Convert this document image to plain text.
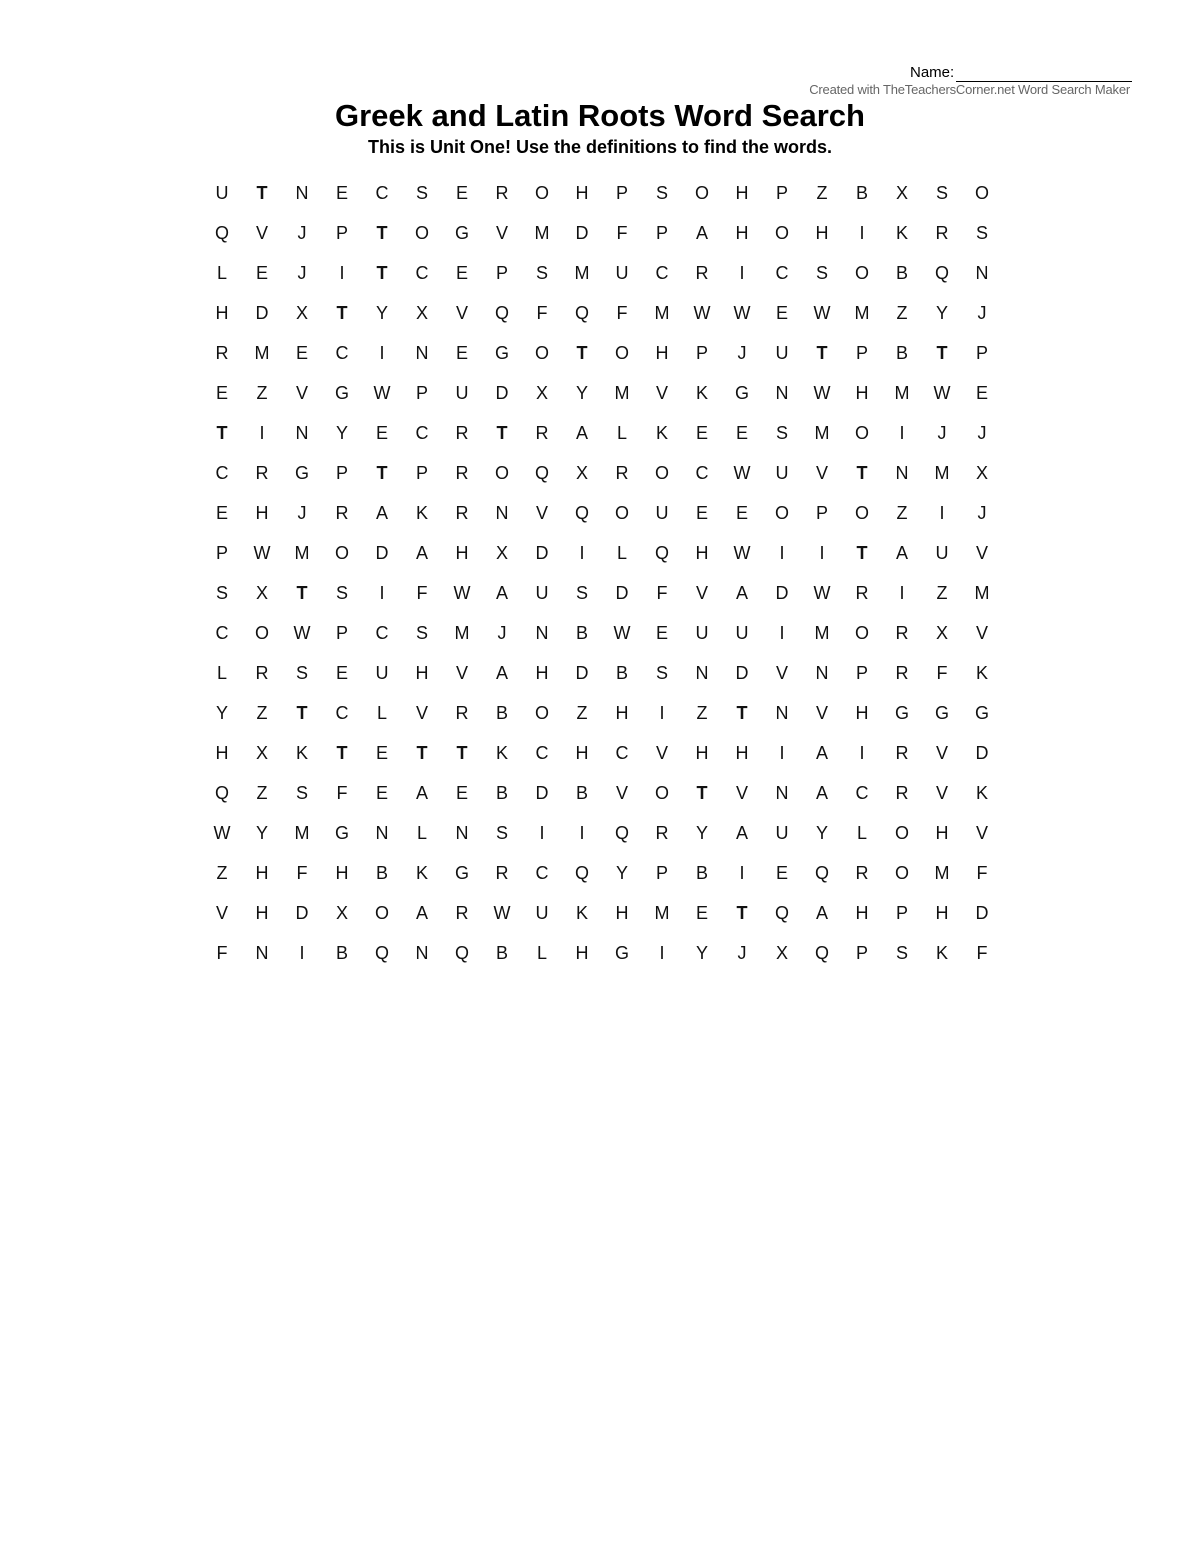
Name:
Created with TheTeachersCorner.net Word Search Maker
Greek and Latin Roots Word Search
This is Unit One! Use the definitions to find the words.
U	T	N	E	C	S	E	R	O	H	P	S	O	H	P	Z	B	X	S	O
Q	V	J	P	T	O	G	V	M	D	F	P	A	H	O	H	I	K	R	S
L	E	J	I	T	C	E	P	S	M	U	C	R	I	C	S	O	B	Q	N
H	D	X	T	Y	X	V	Q	F	Q	F	M	W	W	E	W	M	Z	Y	J
R	M	E	C	I	N	E	G	O	T	O	H	P	J	U	T	P	B	T	P
E	Z	V	G	W	P	U	D	X	Y	M	V	K	G	N	W	H	M	W	E
T	I	N	Y	E	C	R	T	R	A	L	K	E	E	S	M	O	I	J	J
C	R	G	P	T	P	R	O	Q	X	R	O	C	W	U	V	T	N	M	X
E	H	J	R	A	K	R	N	V	Q	O	U	E	E	O	P	O	Z	I	J
P	W	M	O	D	A	H	X	D	I	L	Q	H	W	I	I	T	A	U	V
S	X	T	S	I	F	W	A	U	S	D	F	V	A	D	W	R	I	Z	M
C	O	W	P	C	S	M	J	N	B	W	E	U	U	I	M	O	R	X	V
L	R	S	E	U	H	V	A	H	D	B	S	N	D	V	N	P	R	F	K
Y	Z	T	C	L	V	R	B	O	Z	H	I	Z	T	N	V	H	G	G	G
H	X	K	T	E	T	T	K	C	H	C	V	H	H	I	A	I	R	V	D
Q	Z	S	F	E	A	E	B	D	B	V	O	T	V	N	A	C	R	V	K
W	Y	M	G	N	L	N	S	I	I	Q	R	Y	A	U	Y	L	O	H	V
Z	H	F	H	B	K	G	R	C	Q	Y	P	B	I	E	Q	R	O	M	F
V	H	D	X	O	A	R	W	U	K	H	M	E	T	Q	A	H	P	H	D
F	N	I	B	Q	N	Q	B	L	H	G	I	Y	J	X	Q	P	S	K	F
